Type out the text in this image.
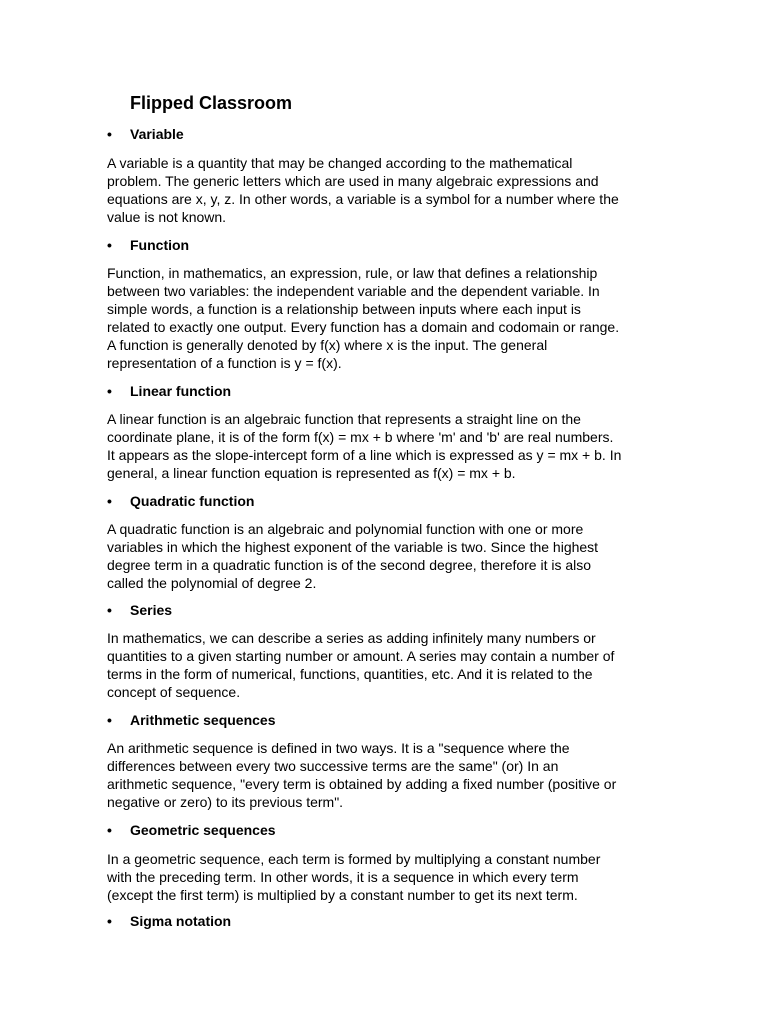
Flipped Classroom
•	Variable
A variable is a quantity that may be changed according to the mathematical
problem. The generic letters which are used in many algebraic expressions and
equations are x, y, z. In other words, a variable is a symbol for a number where the
value is not known.
•	Function
Function, in mathematics, an expression, rule, or law that defines a relationship
between two variables: the independent variable and the dependent variable. In
simple words, a function is a relationship between inputs where each input is
related to exactly one output. Every function has a domain and codomain or range.
A function is generally denoted by f(x) where x is the input. The general
representation of a function is y = f(x).
•	Linear function
A linear function is an algebraic function that represents a straight line on the
coordinate plane, it is of the form f(x) = mx + b where 'm' and 'b' are real numbers.
It appears as the slope-intercept form of a line which is expressed as y = mx + b. In
general, a linear function equation is represented as f(x) = mx + b.
•	Quadratic function
A quadratic function is an algebraic and polynomial function with one or more
variables in which the highest exponent of the variable is two. Since the highest
degree term in a quadratic function is of the second degree, therefore it is also
called the polynomial of degree 2.
•	Series
In mathematics, we can describe a series as adding infinitely many numbers or
quantities to a given starting number or amount. A series may contain a number of
terms in the form of numerical, functions, quantities, etc. And it is related to the
concept of sequence.
•	Arithmetic sequences
An arithmetic sequence is defined in two ways. It is a "sequence where the
differences between every two successive terms are the same" (or) In an
arithmetic sequence, "every term is obtained by adding a fixed number (positive or
negative or zero) to its previous term".
•	Geometric sequences
In a geometric sequence, each term is formed by multiplying a constant number
with the preceding term. In other words, it is a sequence in which every term
(except the first term) is multiplied by a constant number to get its next term.
•	Sigma notation
